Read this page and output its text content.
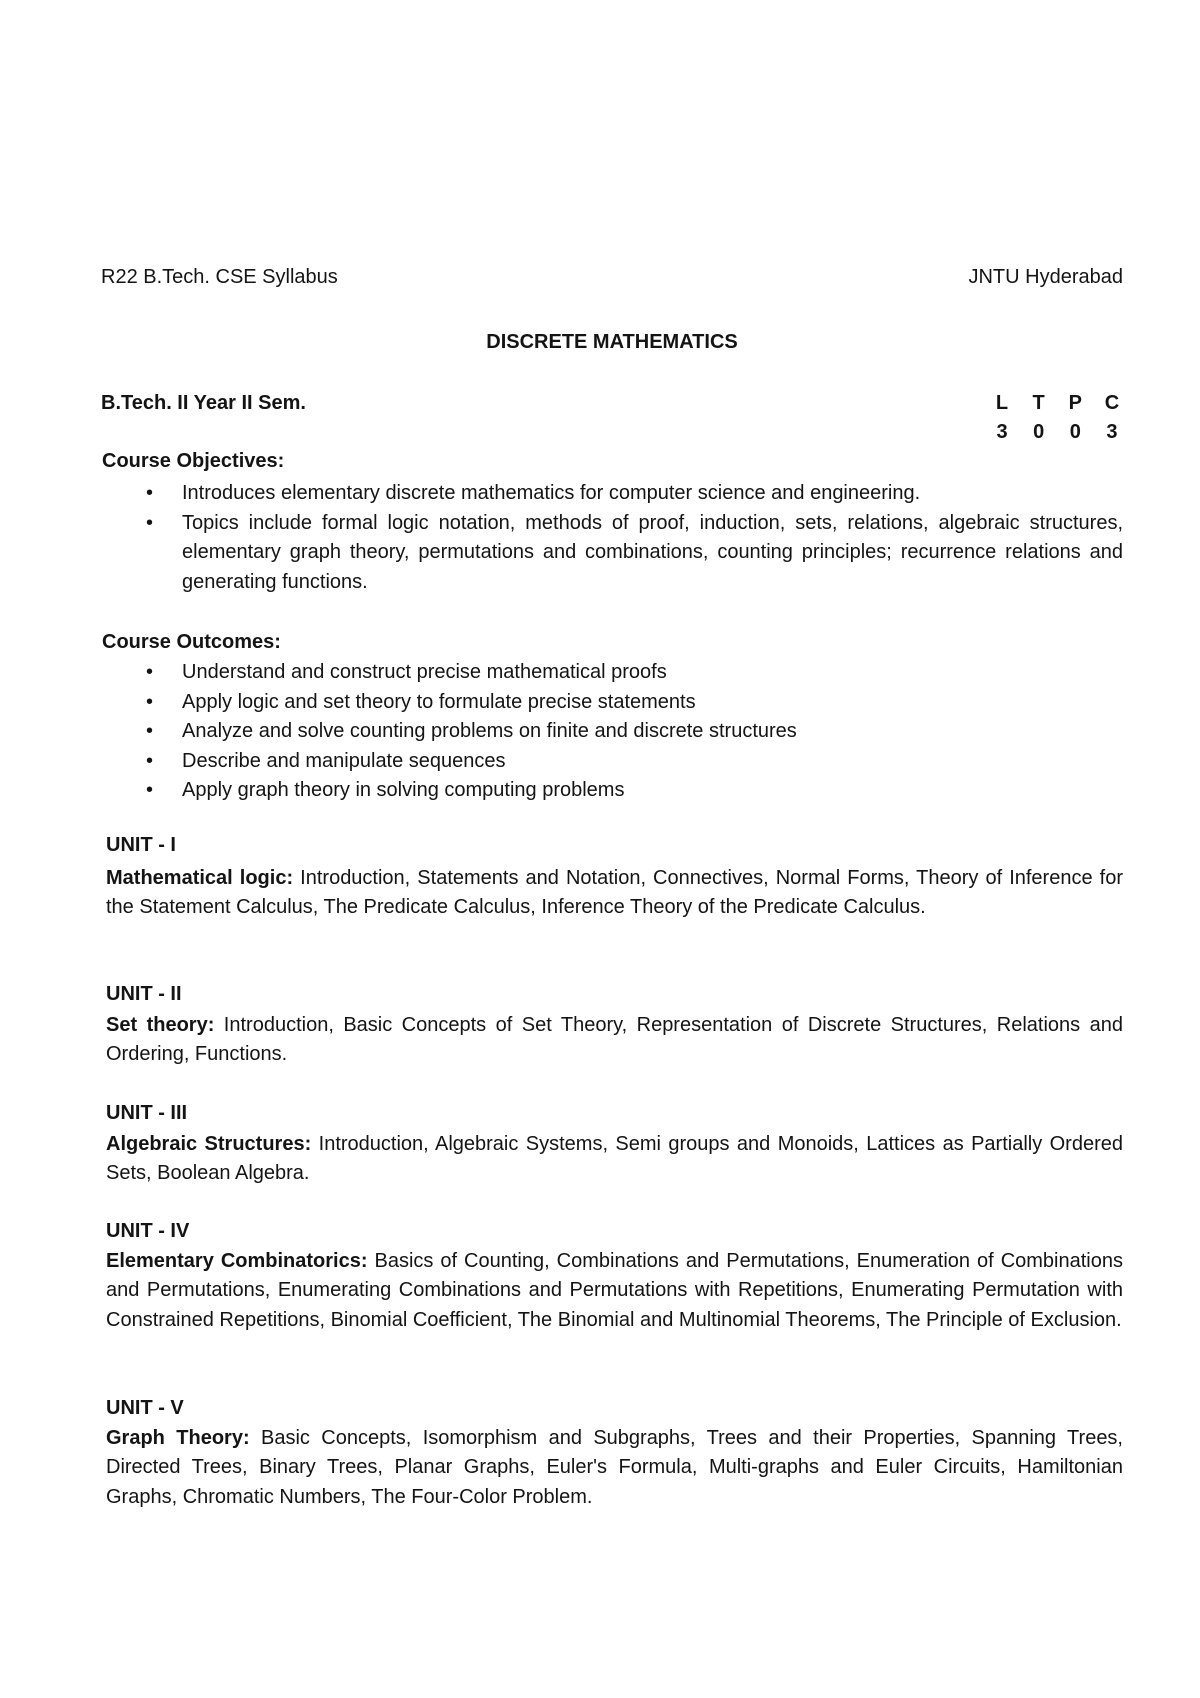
R22 B.Tech. CSE Syllabus	JNTU Hyderabad
DISCRETE MATHEMATICS
B.Tech. II Year II Sem.	L T P C
3 0 0 3
Course Objectives:
• Introduces elementary discrete mathematics for computer science and engineering.
• Topics include formal logic notation, methods of proof, induction, sets, relations, algebraic structures, elementary graph theory, permutations and combinations, counting principles; recurrence relations and generating functions.
Course Outcomes:
• Understand and construct precise mathematical proofs
• Apply logic and set theory to formulate precise statements
• Analyze and solve counting problems on finite and discrete structures
• Describe and manipulate sequences
• Apply graph theory in solving computing problems
UNIT - I
Mathematical logic: Introduction, Statements and Notation, Connectives, Normal Forms, Theory of Inference for the Statement Calculus, The Predicate Calculus, Inference Theory of the Predicate Calculus.
UNIT - II
Set theory: Introduction, Basic Concepts of Set Theory, Representation of Discrete Structures, Relations and Ordering, Functions.
UNIT - III
Algebraic Structures: Introduction, Algebraic Systems, Semi groups and Monoids, Lattices as Partially Ordered Sets, Boolean Algebra.
UNIT - IV
Elementary Combinatorics: Basics of Counting, Combinations and Permutations, Enumeration of Combinations and Permutations, Enumerating Combinations and Permutations with Repetitions, Enumerating Permutation with Constrained Repetitions, Binomial Coefficient, The Binomial and Multinomial Theorems, The Principle of Exclusion.
UNIT - V
Graph Theory: Basic Concepts, Isomorphism and Subgraphs, Trees and their Properties, Spanning Trees, Directed Trees, Binary Trees, Planar Graphs, Euler's Formula, Multi-graphs and Euler Circuits, Hamiltonian Graphs, Chromatic Numbers, The Four-Color Problem.
